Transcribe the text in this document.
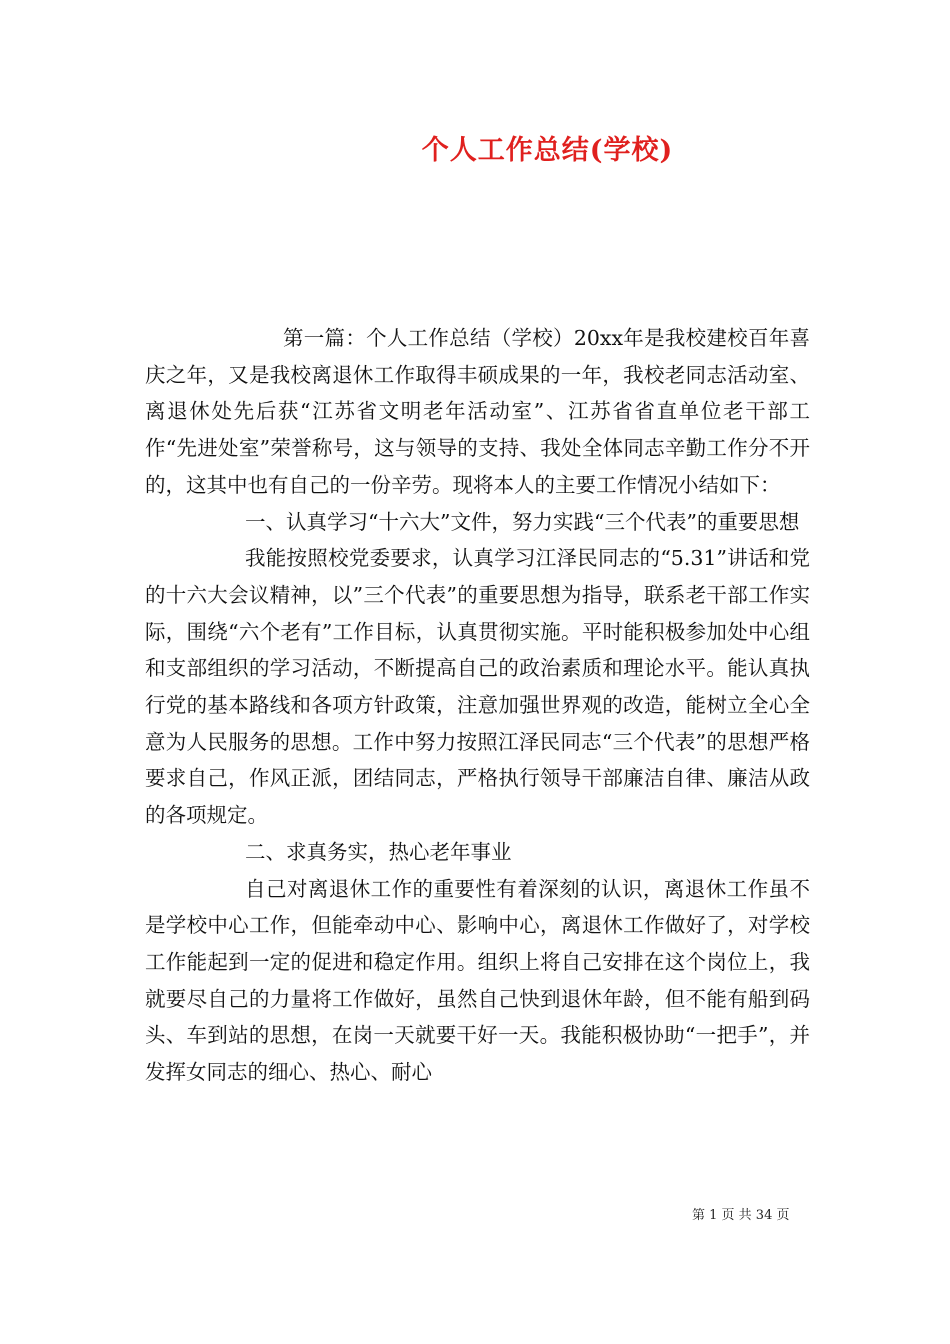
个人工作总结(学校)

第一篇：个人工作总结（学校）20xx年是我校建校百年喜庆之年，又是我校离退休工作取得丰硕成果的一年，我校老同志活动室、离退休处先后获“江苏省文明老年活动室”、江苏省省直单位老干部工作“先进处室”荣誉称号，这与领导的支持、我处全体同志辛勤工作分不开的，这其中也有自己的一份辛劳。现将本人的主要工作情况小结如下：

一、认真学习“十六大”文件，努力实践“三个代表”的重要思想

我能按照校党委要求，认真学习江泽民同志的“5.31”讲话和党的十六大会议精神，以”三个代表”的重要思想为指导，联系老干部工作实际，围绕“六个老有”工作目标，认真贯彻实施。平时能积极参加处中心组和支部组织的学习活动，不断提高自己的政治素质和理论水平。能认真执行党的基本路线和各项方针政策，注意加强世界观的改造，能树立全心全意为人民服务的思想。工作中努力按照江泽民同志“三个代表”的思想严格要求自己，作风正派，团结同志，严格执行领导干部廉洁自律、廉洁从政的各项规定。

二、求真务实，热心老年事业

自己对离退休工作的重要性有着深刻的认识，离退休工作虽不是学校中心工作，但能牵动中心、影响中心，离退休工作做好了，对学校工作能起到一定的促进和稳定作用。组织上将自己安排在这个岗位上，我就要尽自己的力量将工作做好，虽然自己快到退休年龄，但不能有船到码头、车到站的思想，在岗一天就要干好一天。我能积极协助“一把手”，并发挥女同志的细心、热心、耐心

第 1 页 共 34 页
